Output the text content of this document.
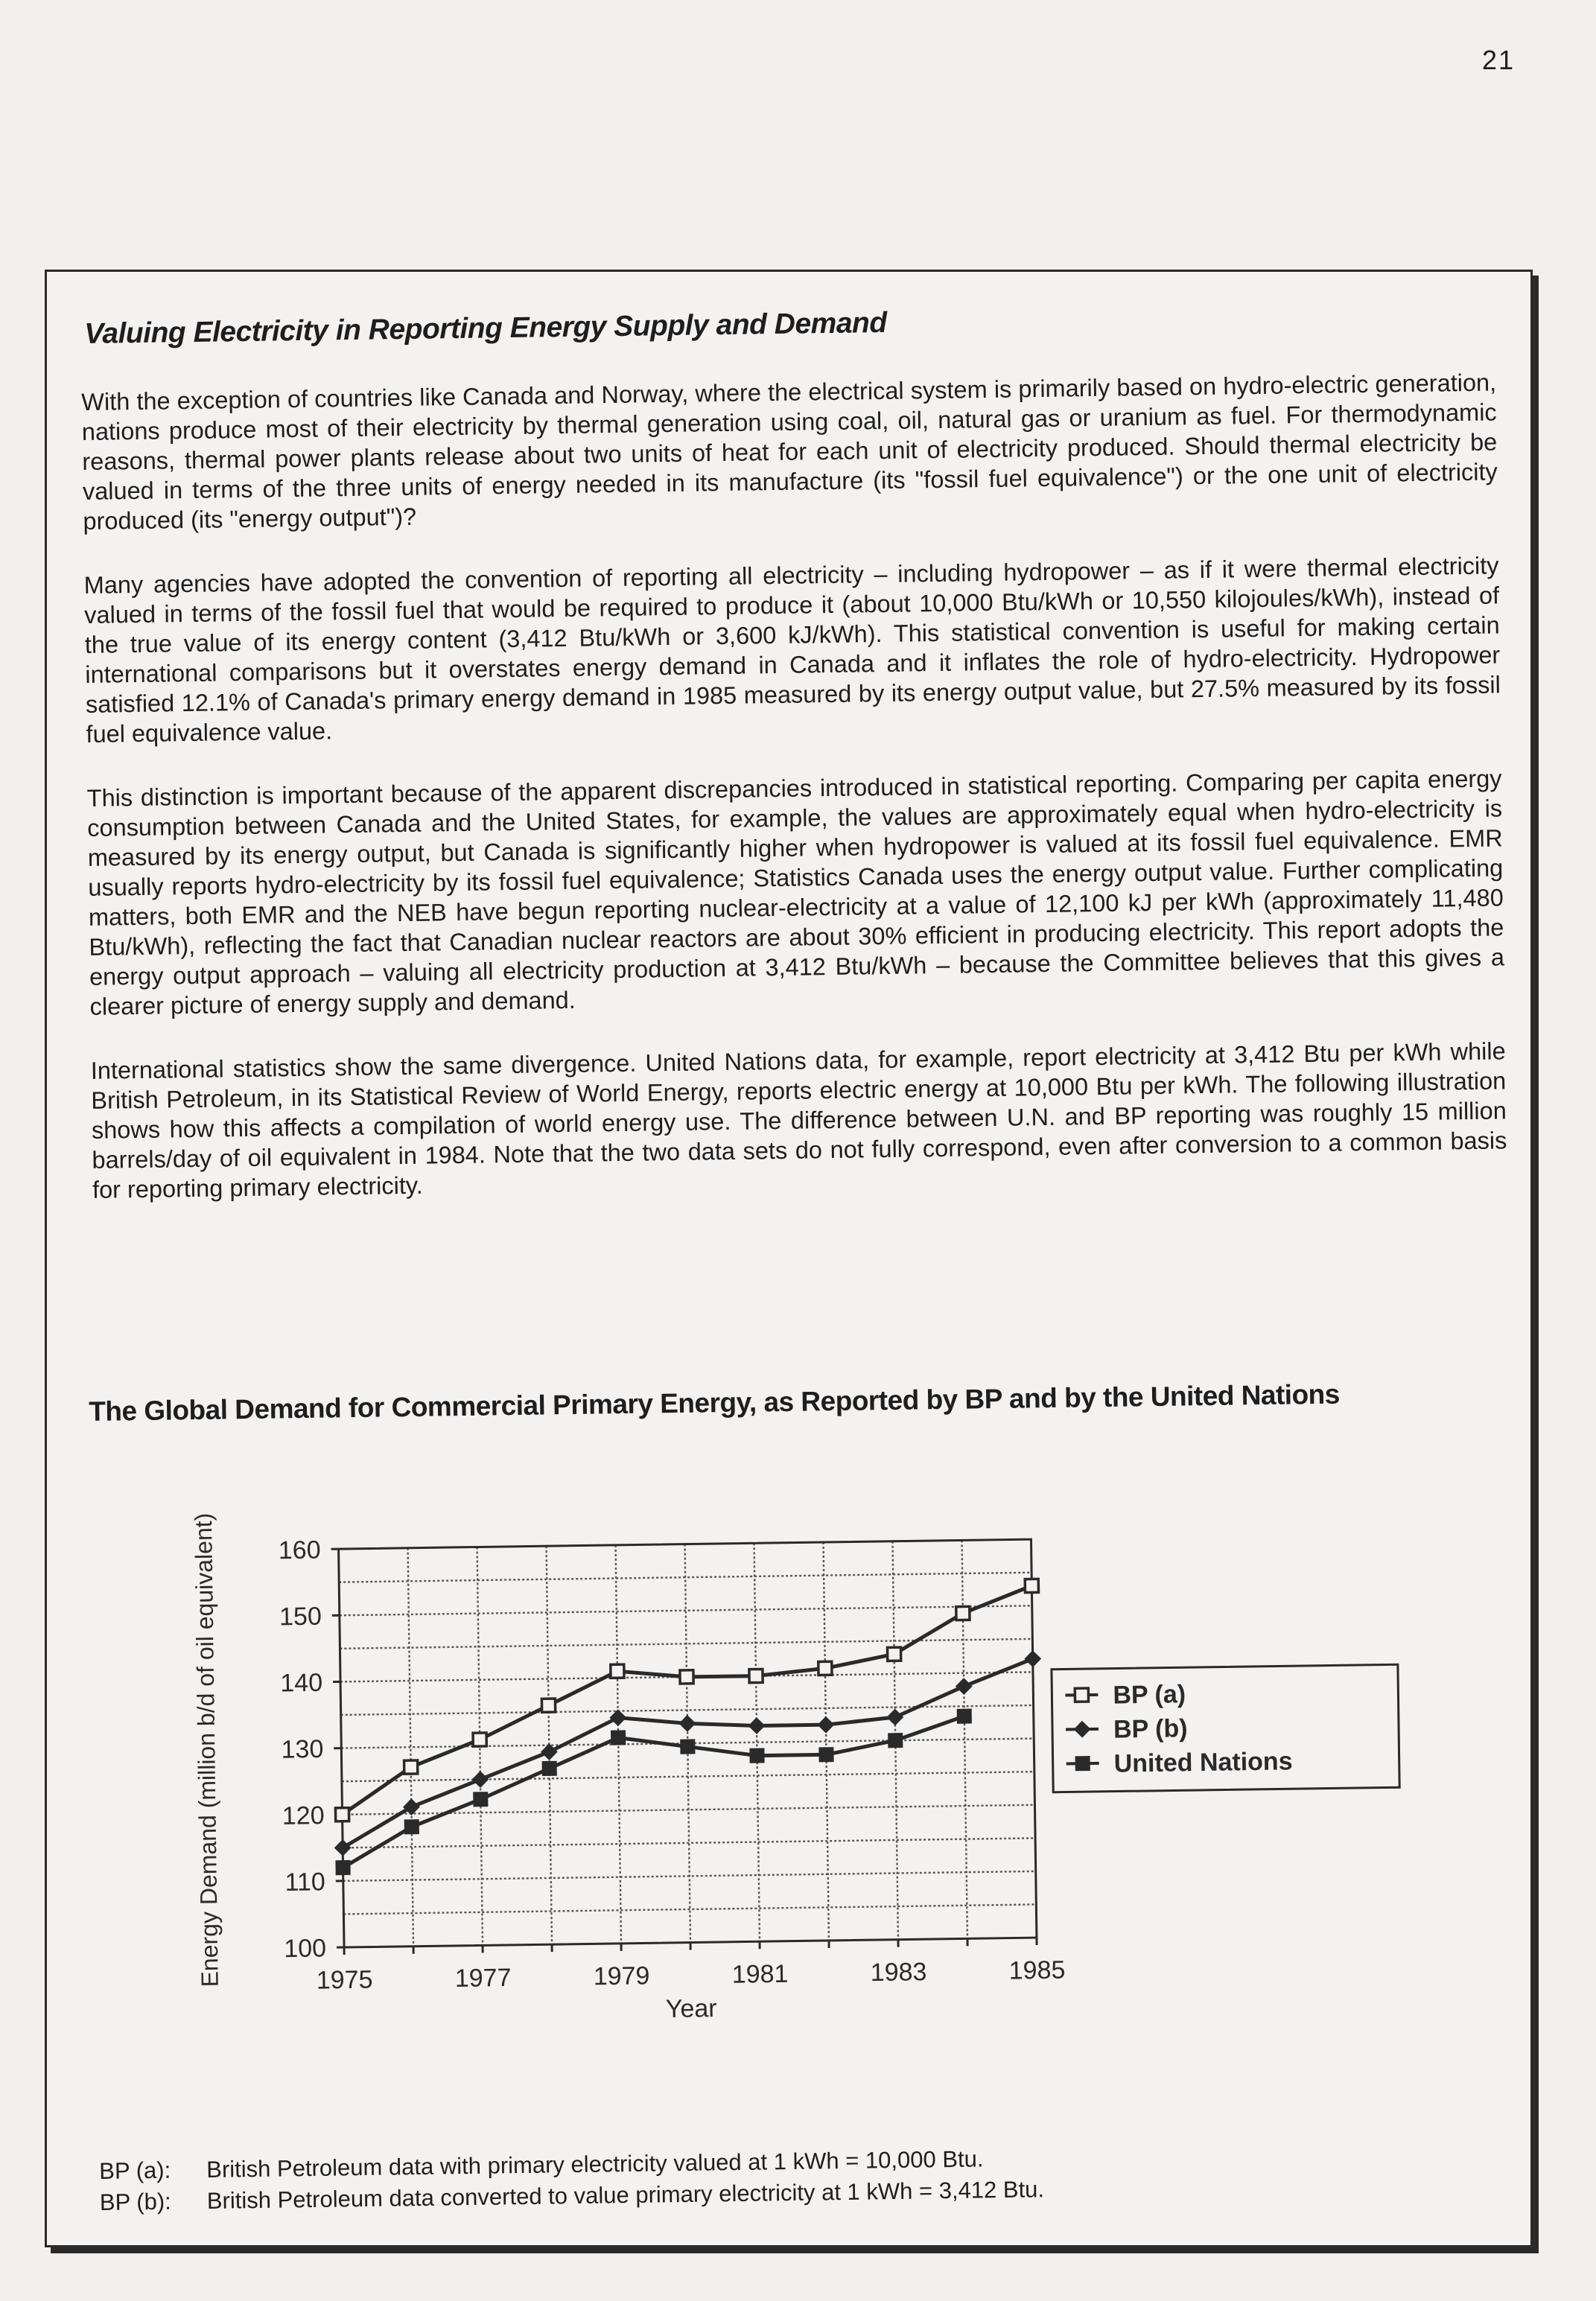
21
Valuing Electricity in Reporting Energy Supply and Demand

With the exception of countries like Canada and Norway, where the electrical system is primarily based on hydro-electric generation, nations produce most of their electricity by thermal generation using coal, oil, natural gas or uranium as fuel. For thermodynamic reasons, thermal power plants release about two units of heat for each unit of electricity produced. Should thermal electricity be valued in terms of the three units of energy needed in its manufacture (its "fossil fuel equivalence") or the one unit of electricity produced (its "energy output")?

Many agencies have adopted the convention of reporting all electricity – including hydropower – as if it were thermal electricity valued in terms of the fossil fuel that would be required to produce it (about 10,000 Btu/kWh or 10,550 kilojoules/kWh), instead of the true value of its energy content (3,412 Btu/kWh or 3,600 kJ/kWh). This statistical convention is useful for making certain international comparisons but it overstates energy demand in Canada and it inflates the role of hydro-electricity. Hydropower satisfied 12.1% of Canada's primary energy demand in 1985 measured by its energy output value, but 27.5% measured by its fossil fuel equivalence value.

This distinction is important because of the apparent discrepancies introduced in statistical reporting. Comparing per capita energy consumption between Canada and the United States, for example, the values are approximately equal when hydro-electricity is measured by its energy output, but Canada is significantly higher when hydropower is valued at its fossil fuel equivalence. EMR usually reports hydro-electricity by its fossil fuel equivalence; Statistics Canada uses the energy output value. Further complicating matters, both EMR and the NEB have begun reporting nuclear-electricity at a value of 12,100 kJ per kWh (approximately 11,480 Btu/kWh), reflecting the fact that Canadian nuclear reactors are about 30% efficient in producing electricity. This report adopts the energy output approach – valuing all electricity production at 3,412 Btu/kWh – because the Committee believes that this gives a clearer picture of energy supply and demand.

International statistics show the same divergence. United Nations data, for example, report electricity at 3,412 Btu per kWh while British Petroleum, in its Statistical Review of World Energy, reports electric energy at 10,000 Btu per kWh. The following illustration shows how this affects a compilation of world energy use. The difference between U.N. and BP reporting was roughly 15 million barrels/day of oil equivalent in 1984. Note that the two data sets do not fully correspond, even after conversion to a common basis for reporting primary electricity.

The Global Demand for Commercial Primary Energy, as Reported by BP and by the United Nations
100
110
120
130
140
150
160
1975	1977	1979	1981	1983	1985
Year
Energy Demand (million b/d of oil equivalent)	BP (a)
BP (b)
United Nations
BP (a): British Petroleum data with primary electricity valued at 1 kWh = 10,000 Btu.
BP (b): British Petroleum data converted to value primary electricity at 1 kWh = 3,412 Btu.
